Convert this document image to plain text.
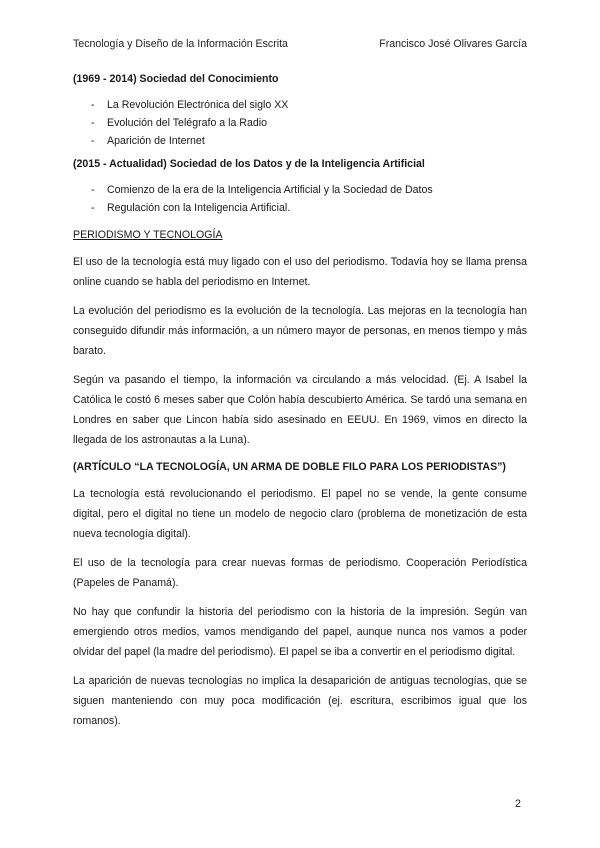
Tecnología y Diseño de la Información Escrita	Francisco José Olivares García
(1969 - 2014) Sociedad del Conocimiento
- La Revolución Electrónica del siglo XX
- Evolución del Telégrafo a la Radio
- Aparición de Internet
(2015 - Actualidad) Sociedad de los Datos y de la Inteligencia Artificial
- Comienzo de la era de la Inteligencia Artificial y la Sociedad de Datos
- Regulación con la Inteligencia Artificial.
PERIODISMO Y TECNOLOGÍA

El uso de la tecnología está muy ligado con el uso del periodismo. Todavía hoy se llama prensa online cuando se habla del periodismo en Internet.

La evolución del periodismo es la evolución de la tecnología. Las mejoras en la tecnología han conseguido difundir más información, a un número mayor de personas, en menos tiempo y más barato.

Según va pasando el tiempo, la información va circulando a más velocidad. (Ej. A Isabel la Católica le costó 6 meses saber que Colón había descubierto América. Se tardó una semana en Londres en saber que Lincon había sido asesinado en EEUU. En 1969, vimos en directo la llegada de los astronautas a la Luna).

(ARTÍCULO “LA TECNOLOGÍA, UN ARMA DE DOBLE FILO PARA LOS PERIODISTAS”)

La tecnología está revolucionando el periodismo. El papel no se vende, la gente consume digital, pero el digital no tiene un modelo de negocio claro (problema de monetización de esta nueva tecnología digital).

El uso de la tecnología para crear nuevas formas de periodismo. Cooperación Periodística (Papeles de Panamá).

No hay que confundir la historia del periodismo con la historia de la impresión. Según van emergiendo otros medios, vamos mendigando del papel, aunque nunca nos vamos a poder olvidar del papel (la madre del periodismo). El papel se iba a convertir en el periodismo digital.

La aparición de nuevas tecnologías no implica la desaparición de antiguas tecnologías, que se siguen manteniendo con muy poca modificación (ej. escritura, escribimos igual que los romanos).

2
